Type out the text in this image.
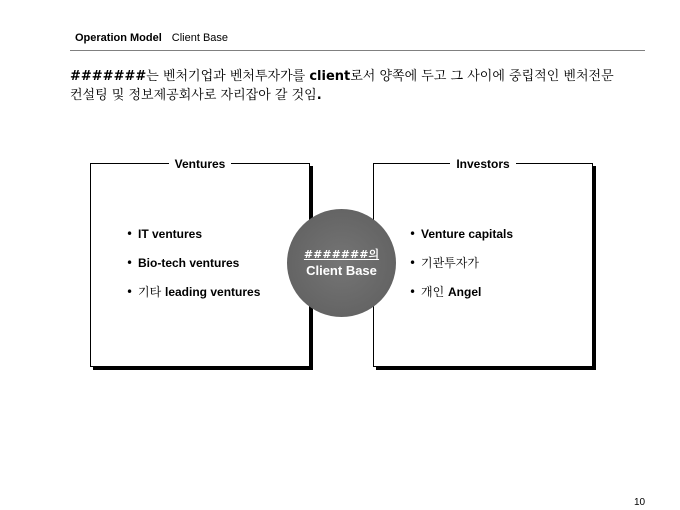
Operation Model Client Base
#######는 벤처기업과 벤처투자가를 client로서 양쪽에 두고 그 사이에 중립적인 벤처전문
컨설팅 및 정보제공회사로 자리잡아 갈 것임.
Ventures
• IT ventures
• Bio-tech ventures
• 기타 leading ventures
Investors
• Venture capitals
• 기관투자가
• 개인 Angel
#######의
Client Base
10
